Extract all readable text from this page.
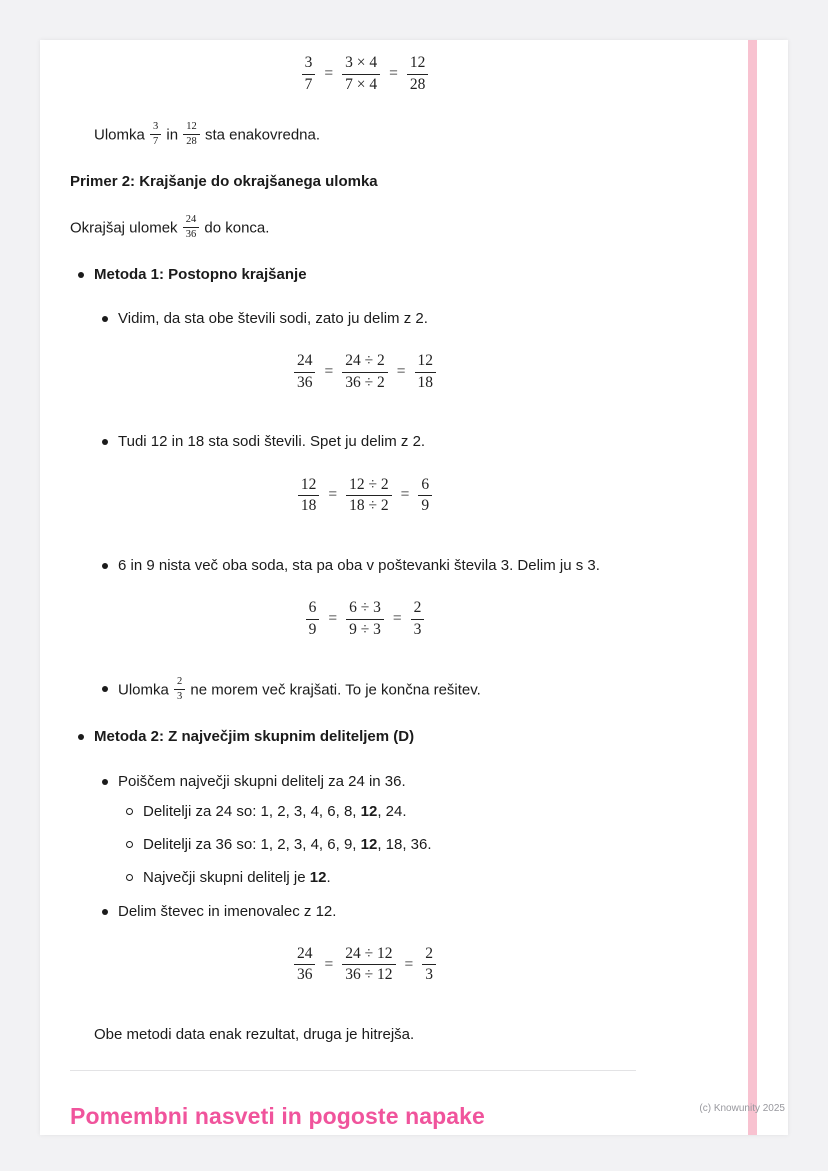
$\frac{3}{7} = \frac{3 \times 4}{7 \times 4} = \frac{12}{28}$

Ulomka $\frac{3}{7}$ in $\frac{12}{28}$ sta enakovredna.

Primer 2: Krajšanje do okrajšanega ulomka

Okrajšaj ulomek $\frac{24}{36}$ do konca.

Metoda 1: Postopno krajšanje
Vidim, da sta obe števili sodi, zato ju delim z 2.
$\frac{24}{36} = \frac{24 \div 2}{36 \div 2} = \frac{12}{18}$
Tudi 12 in 18 sta sodi števili. Spet ju delim z 2.
$\frac{12}{18} = \frac{12 \div 2}{18 \div 2} = \frac{6}{9}$
6 in 9 nista več oba soda, sta pa oba v poštevanki števila 3. Delim ju s 3.
$\frac{6}{9} = \frac{6 \div 3}{9 \div 3} = \frac{2}{3}$
Ulomka $\frac{2}{3}$ ne morem več krajšati. To je končna rešitev.
Metoda 2: Z največjim skupnim deliteljem (D)
Poiščem največji skupni delitelj za 24 in 36.
Delitelji za 24 so: 1, 2, 3, 4, 6, 8, 12, 24.
Delitelji za 36 so: 1, 2, 3, 4, 6, 9, 12, 18, 36.
Največji skupni delitelj je 12.
Delim števec in imenovalec z 12.
$\frac{24}{36} = \frac{24 \div 12}{36 \div 12} = \frac{2}{3}$

Obe metodi data enak rezultat, druga je hitrejša.

Pomembni nasveti in pogoste napake	(c) Knowunity 2025
